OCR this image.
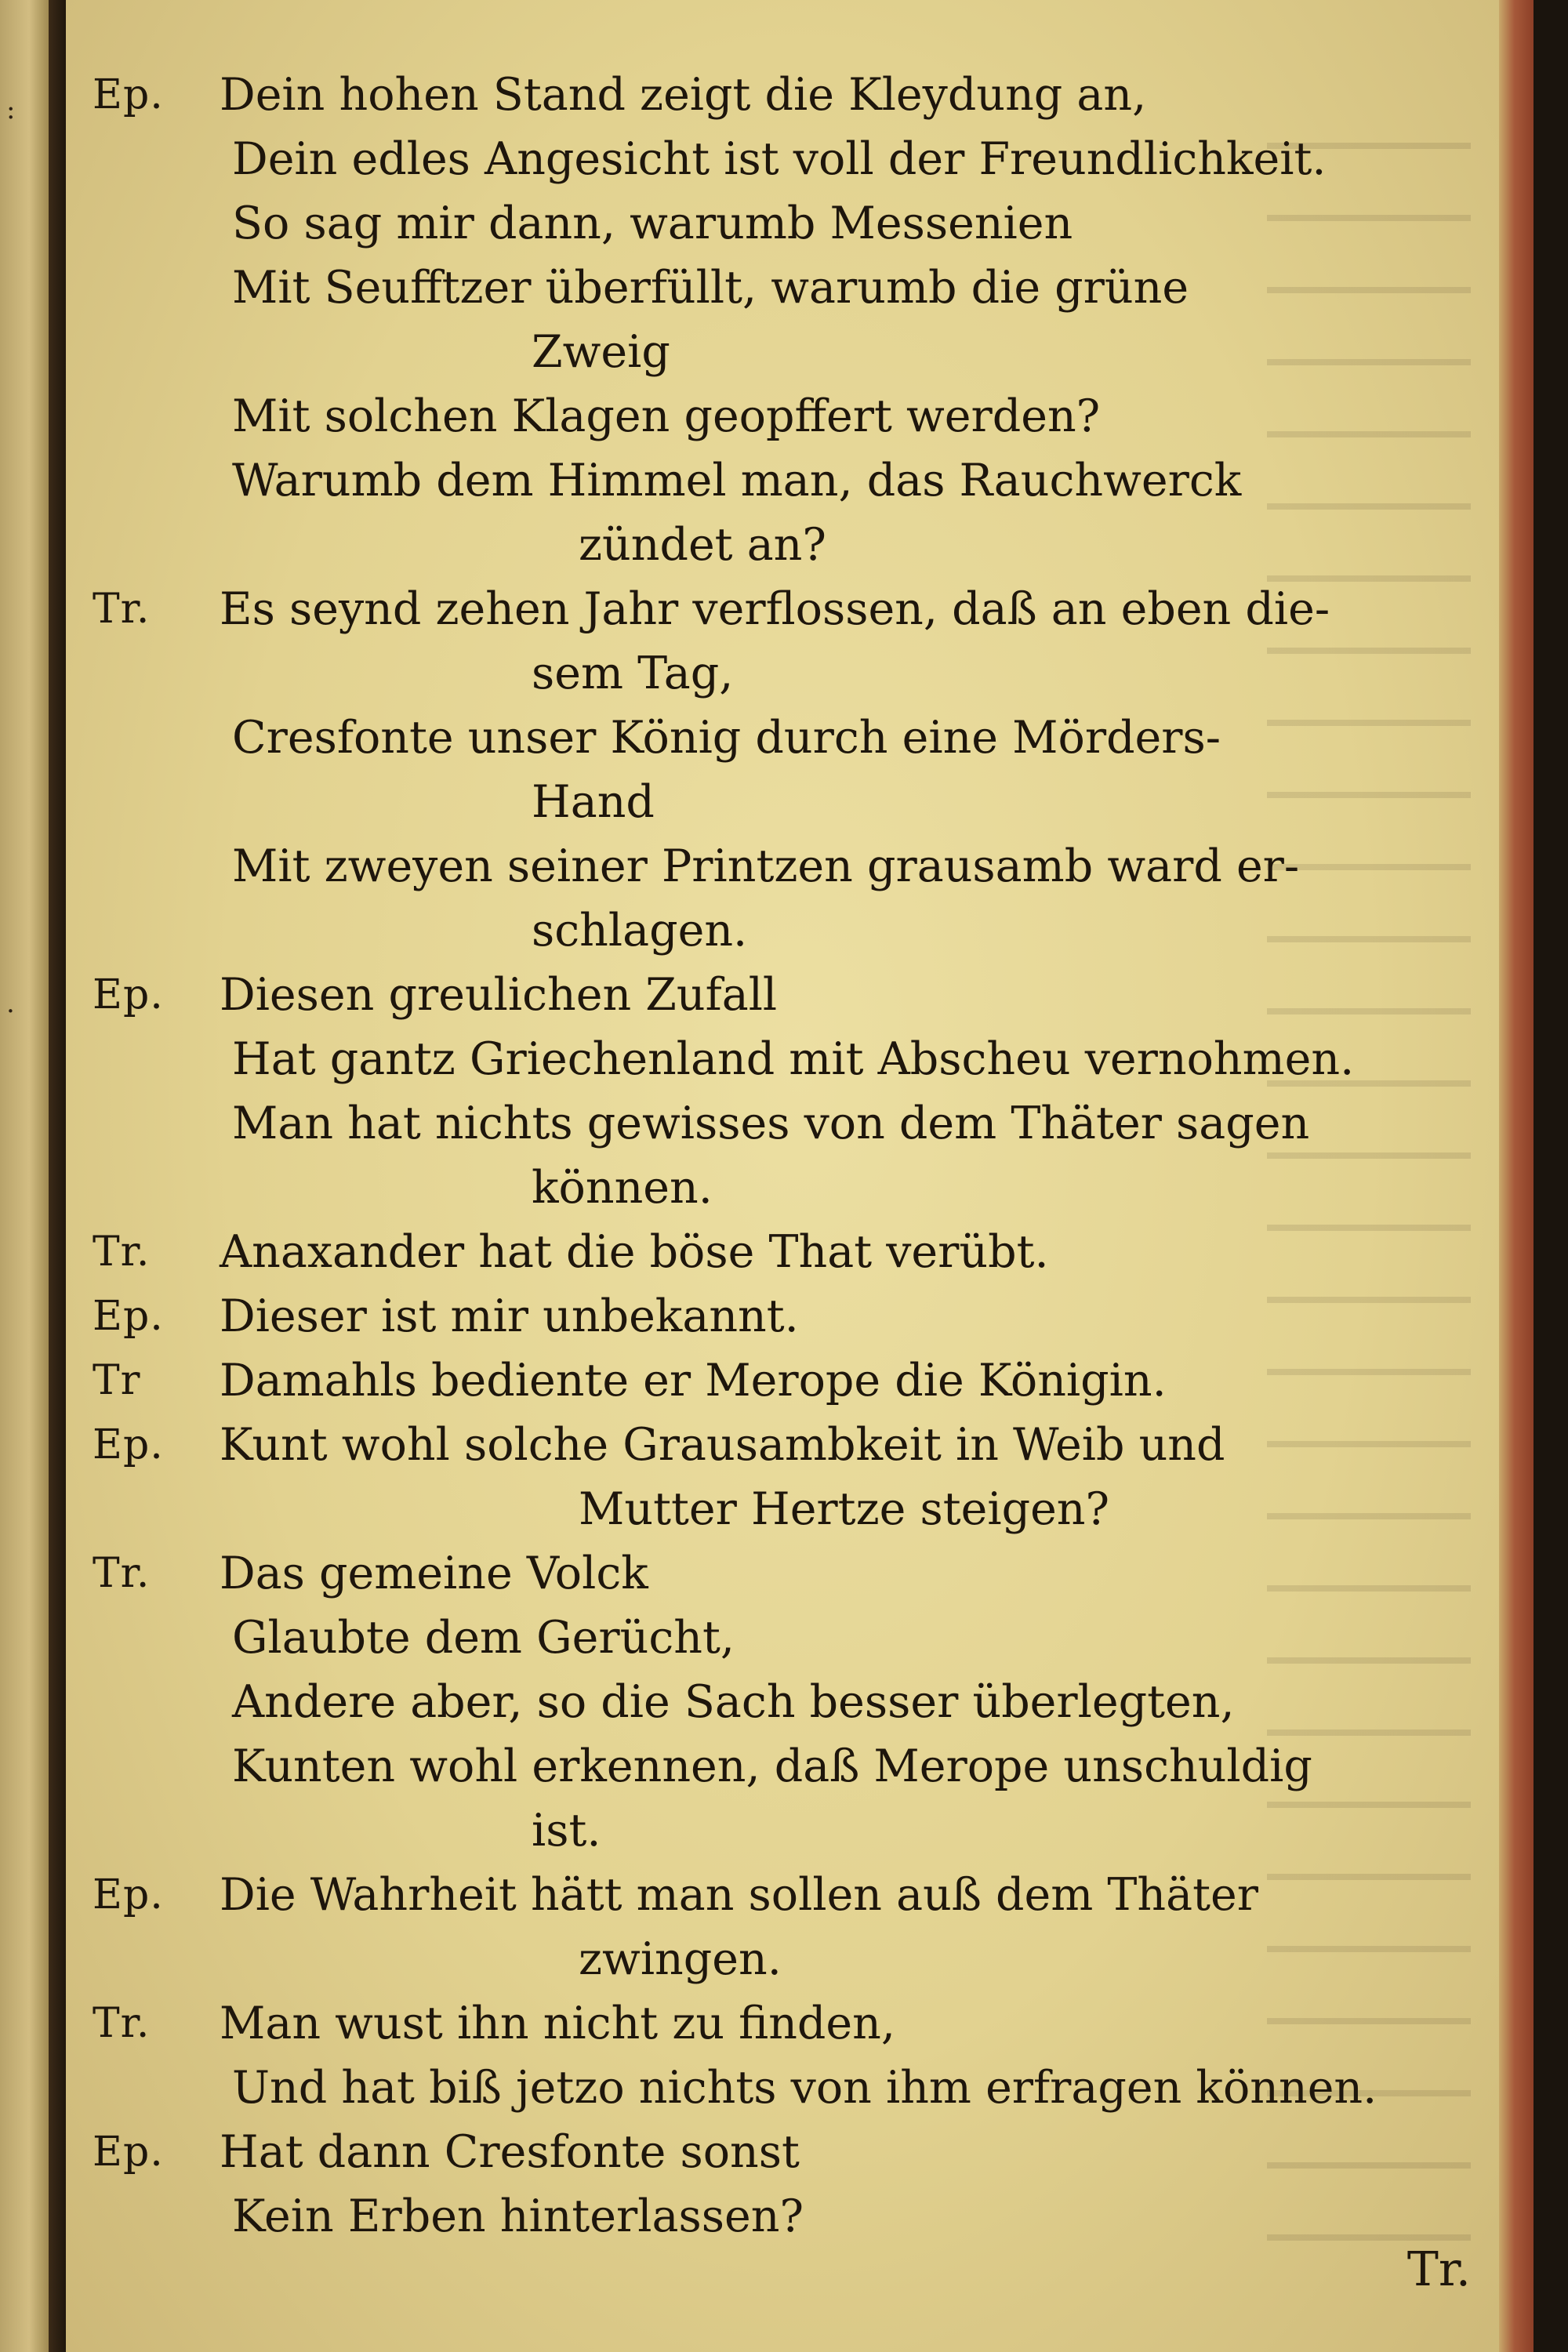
:
.
Ep.	Dein hohen Stand zeigt die Kleydung an,
Dein edles Angesicht ist voll der Freundlichkeit.
So sag mir dann, warumb Messenien
Mit Seufftzer überfüllt, warumb die grüne
Zweig
Mit solchen Klagen geopffert werden?
Warumb dem Himmel man, das Rauchwerck
zündet an?
Tr.	Es seynd zehen Jahr verflossen, daß an eben die-
sem Tag,
Cresfonte unser König durch eine Mörders-
Hand
Mit zweyen seiner Printzen grausamb ward er-
schlagen.
Ep.	Diesen greulichen Zufall
Hat gantz Griechenland mit Abscheu vernohmen.
Man hat nichts gewisses von dem Thäter sagen
können.
Tr.	Anaxander hat die böse That verübt.
Ep.	Dieser ist mir unbekannt.
Tr	Damahls bediente er Merope die Königin.
Ep.	Kunt wohl solche Grausambkeit in Weib und
Mutter Hertze steigen?
Tr.	Das gemeine Volck
Glaubte dem Gerücht,
Andere aber, so die Sach besser überlegten,
Kunten wohl erkennen, daß Merope unschuldig
ist.
Ep.	Die Wahrheit hätt man sollen auß dem Thäter
zwingen.
Tr.	Man wust ihn nicht zu finden,
Und hat biß jetzo nichts von ihm erfragen können.
Ep.	Hat dann Cresfonte sonst
Kein Erben hinterlassen?
Tr.
